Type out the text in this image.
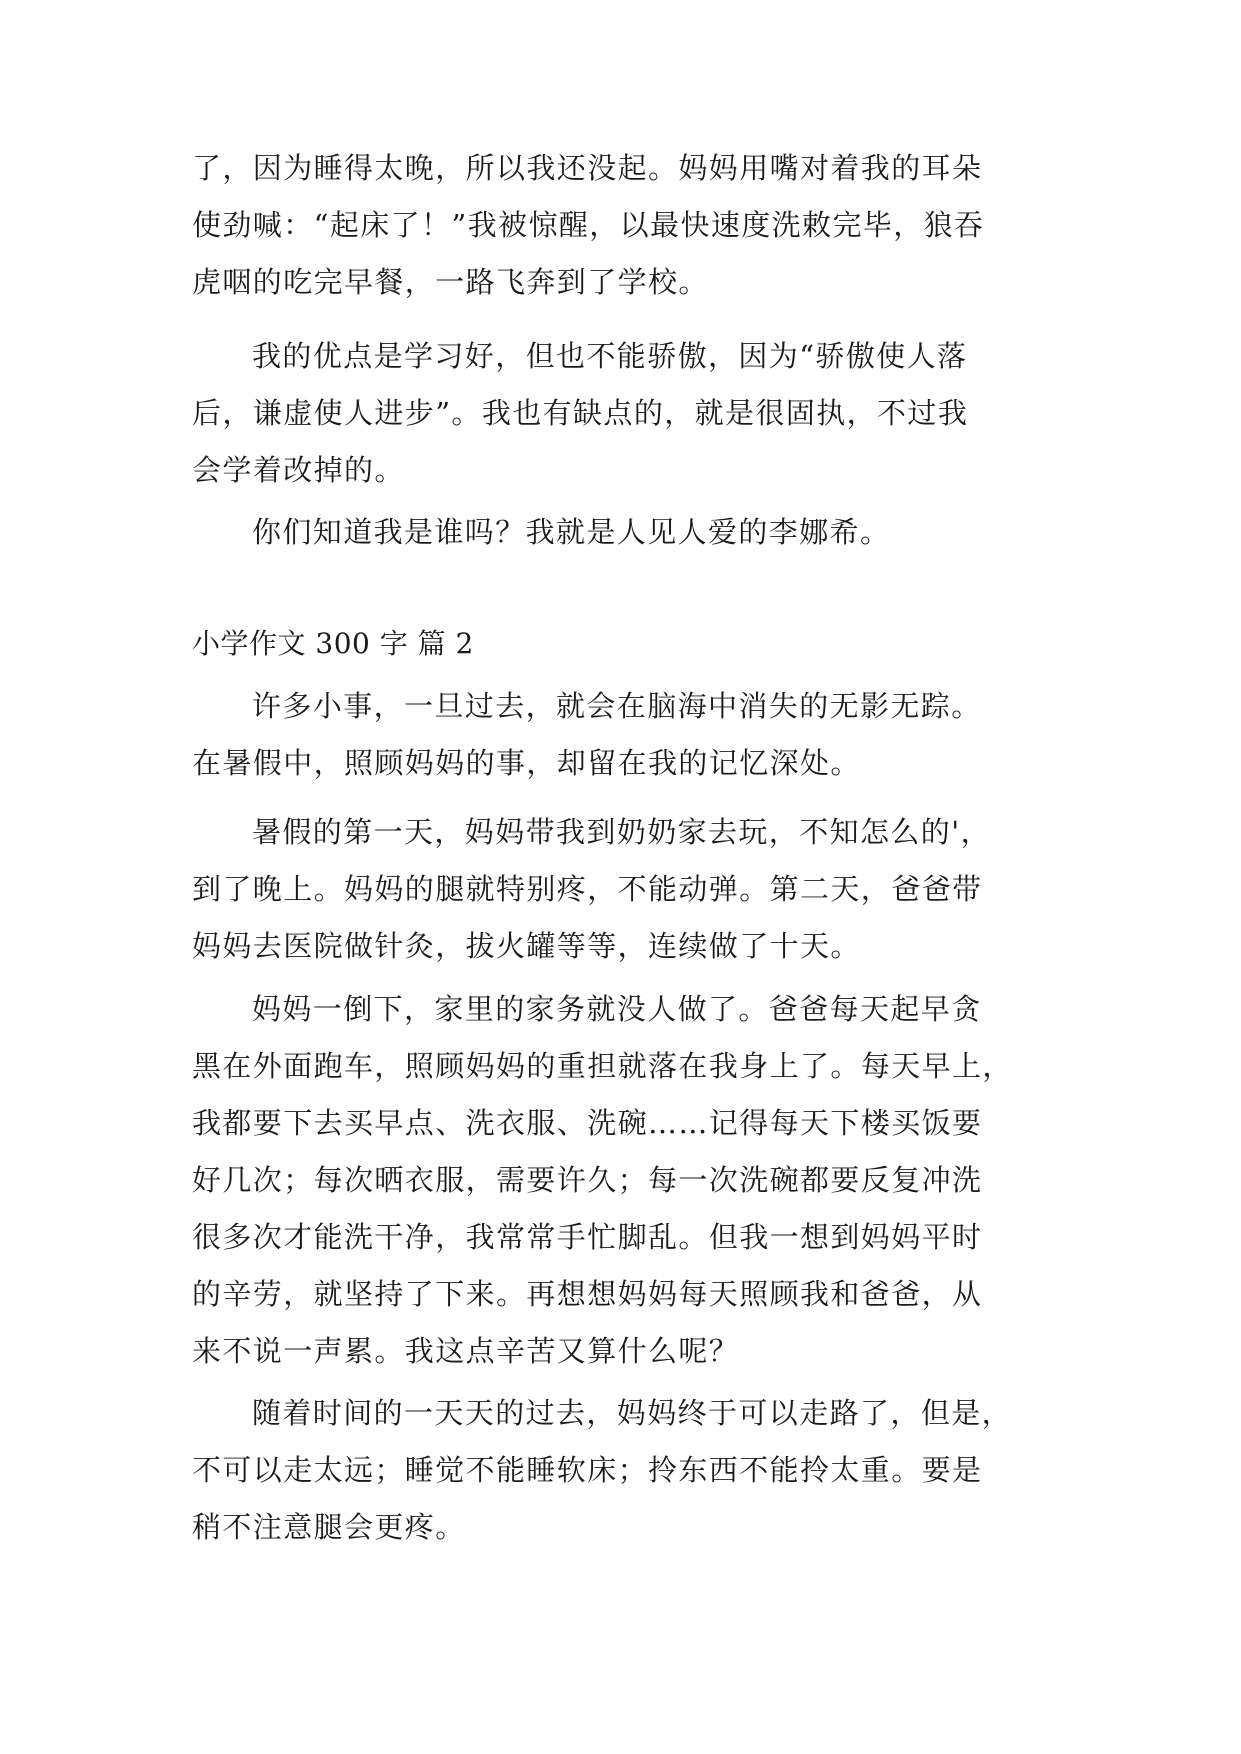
了，因为睡得太晚，所以我还没起。妈妈用嘴对着我的耳朵
使劲喊：“起床了！”我被惊醒，以最快速度洗敕完毕，狼吞
虎咽的吃完早餐，一路飞奔到了学校。
我的优点是学习好，但也不能骄傲，因为“骄傲使人落
后，谦虚使人进步”。我也有缺点的，就是很固执，不过我
会学着改掉的。
你们知道我是谁吗？我就是人见人爱的李娜希。
小学作文 300 字 篇 2
许多小事，一旦过去，就会在脑海中消失的无影无踪。
在暑假中，照顾妈妈的事，却留在我的记忆深处。
暑假的第一天，妈妈带我到奶奶家去玩，不知怎么的'，
到了晚上。妈妈的腿就特别疼，不能动弹。第二天，爸爸带
妈妈去医院做针灸，拔火罐等等，连续做了十天。
妈妈一倒下，家里的家务就没人做了。爸爸每天起早贪
黑在外面跑车，照顾妈妈的重担就落在我身上了。每天早上，
我都要下去买早点、洗衣服、洗碗……记得每天下楼买饭要
好几次；每次晒衣服，需要许久；每一次洗碗都要反复冲洗
很多次才能洗干净，我常常手忙脚乱。但我一想到妈妈平时
的辛劳，就坚持了下来。再想想妈妈每天照顾我和爸爸，从
来不说一声累。我这点辛苦又算什么呢？
随着时间的一天天的过去，妈妈终于可以走路了，但是，
不可以走太远；睡觉不能睡软床；拎东西不能拎太重。要是
稍不注意腿会更疼。
